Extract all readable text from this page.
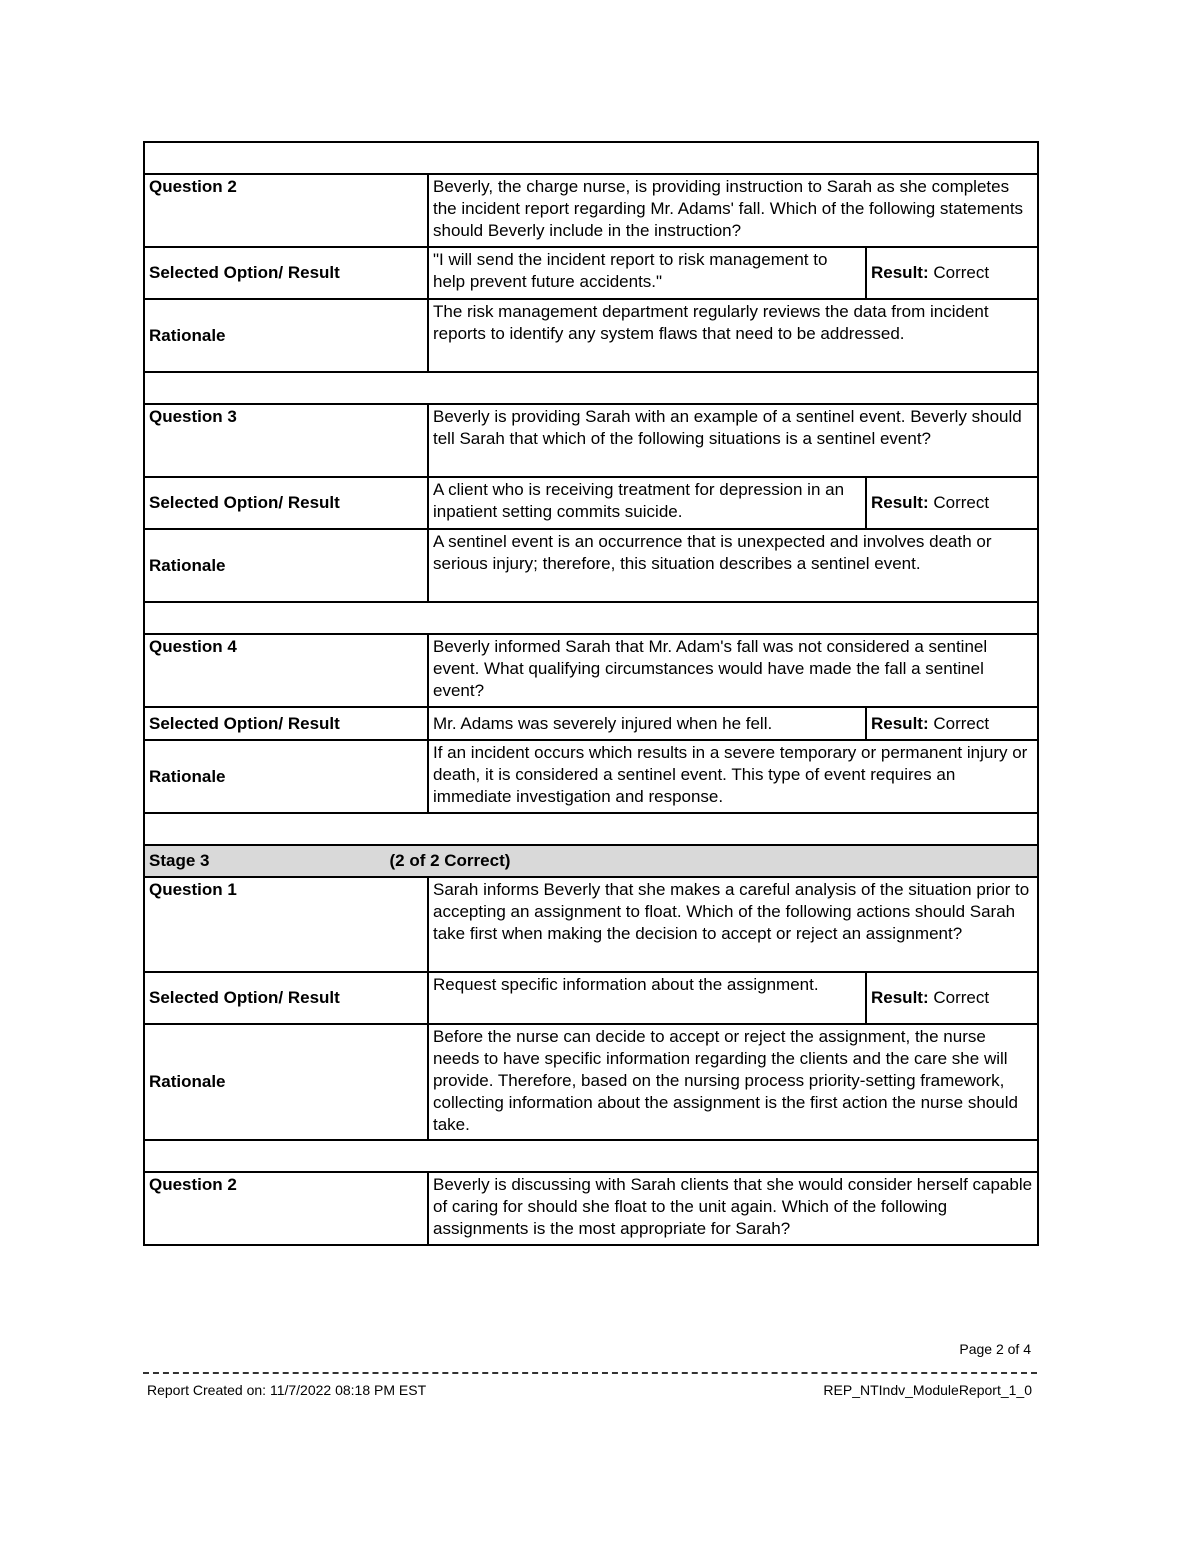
Question 2	Beverly, the charge nurse, is providing instruction to Sarah as she completes the incident report regarding Mr. Adams' fall. Which of the following statements should Beverly include in the instruction?	
Selected Option/ Result	"I will send the incident report to risk management to help prevent future accidents."	Result: Correct
Rationale	The risk management department regularly reviews the data from incident reports to identify any system flaws that need to be addressed.	

Question 3	Beverly is providing Sarah with an example of a sentinel event. Beverly should tell Sarah that which of the following situations is a sentinel event?	
Selected Option/ Result	A client who is receiving treatment for depression in an inpatient setting commits suicide.	Result: Correct
Rationale	A sentinel event is an occurrence that is unexpected and involves death or serious injury; therefore, this situation describes a sentinel event.	

Question 4	Beverly informed Sarah that Mr. Adam's fall was not considered a sentinel event. What qualifying circumstances would have made the fall a sentinel event?	
Selected Option/ Result	Mr. Adams was severely injured when he fell.	Result: Correct
Rationale	If an incident occurs which results in a severe temporary or permanent injury or death, it is considered a sentinel event. This type of event requires an immediate investigation and response.	

Stage 3 (2 of 2 Correct)		
Question 1	Sarah informs Beverly that she makes a careful analysis of the situation prior to accepting an assignment to float. Which of the following actions should Sarah take first when making the decision to accept or reject an assignment?	
Selected Option/ Result	Request specific information about the assignment.	Result: Correct
Rationale	Before the nurse can decide to accept or reject the assignment, the nurse needs to have specific information regarding the clients and the care she will provide. Therefore, based on the nursing process priority-setting framework, collecting information about the assignment is the first action the nurse should take.	

Question 2	Beverly is discussing with Sarah clients that she would consider herself capable of caring for should she float to the unit again. Which of the following assignments is the most appropriate for Sarah?	
Page 2 of 4
Report Created on: 11/7/2022 08:18 PM EST	REP_NTIndv_ModuleReport_1_0
